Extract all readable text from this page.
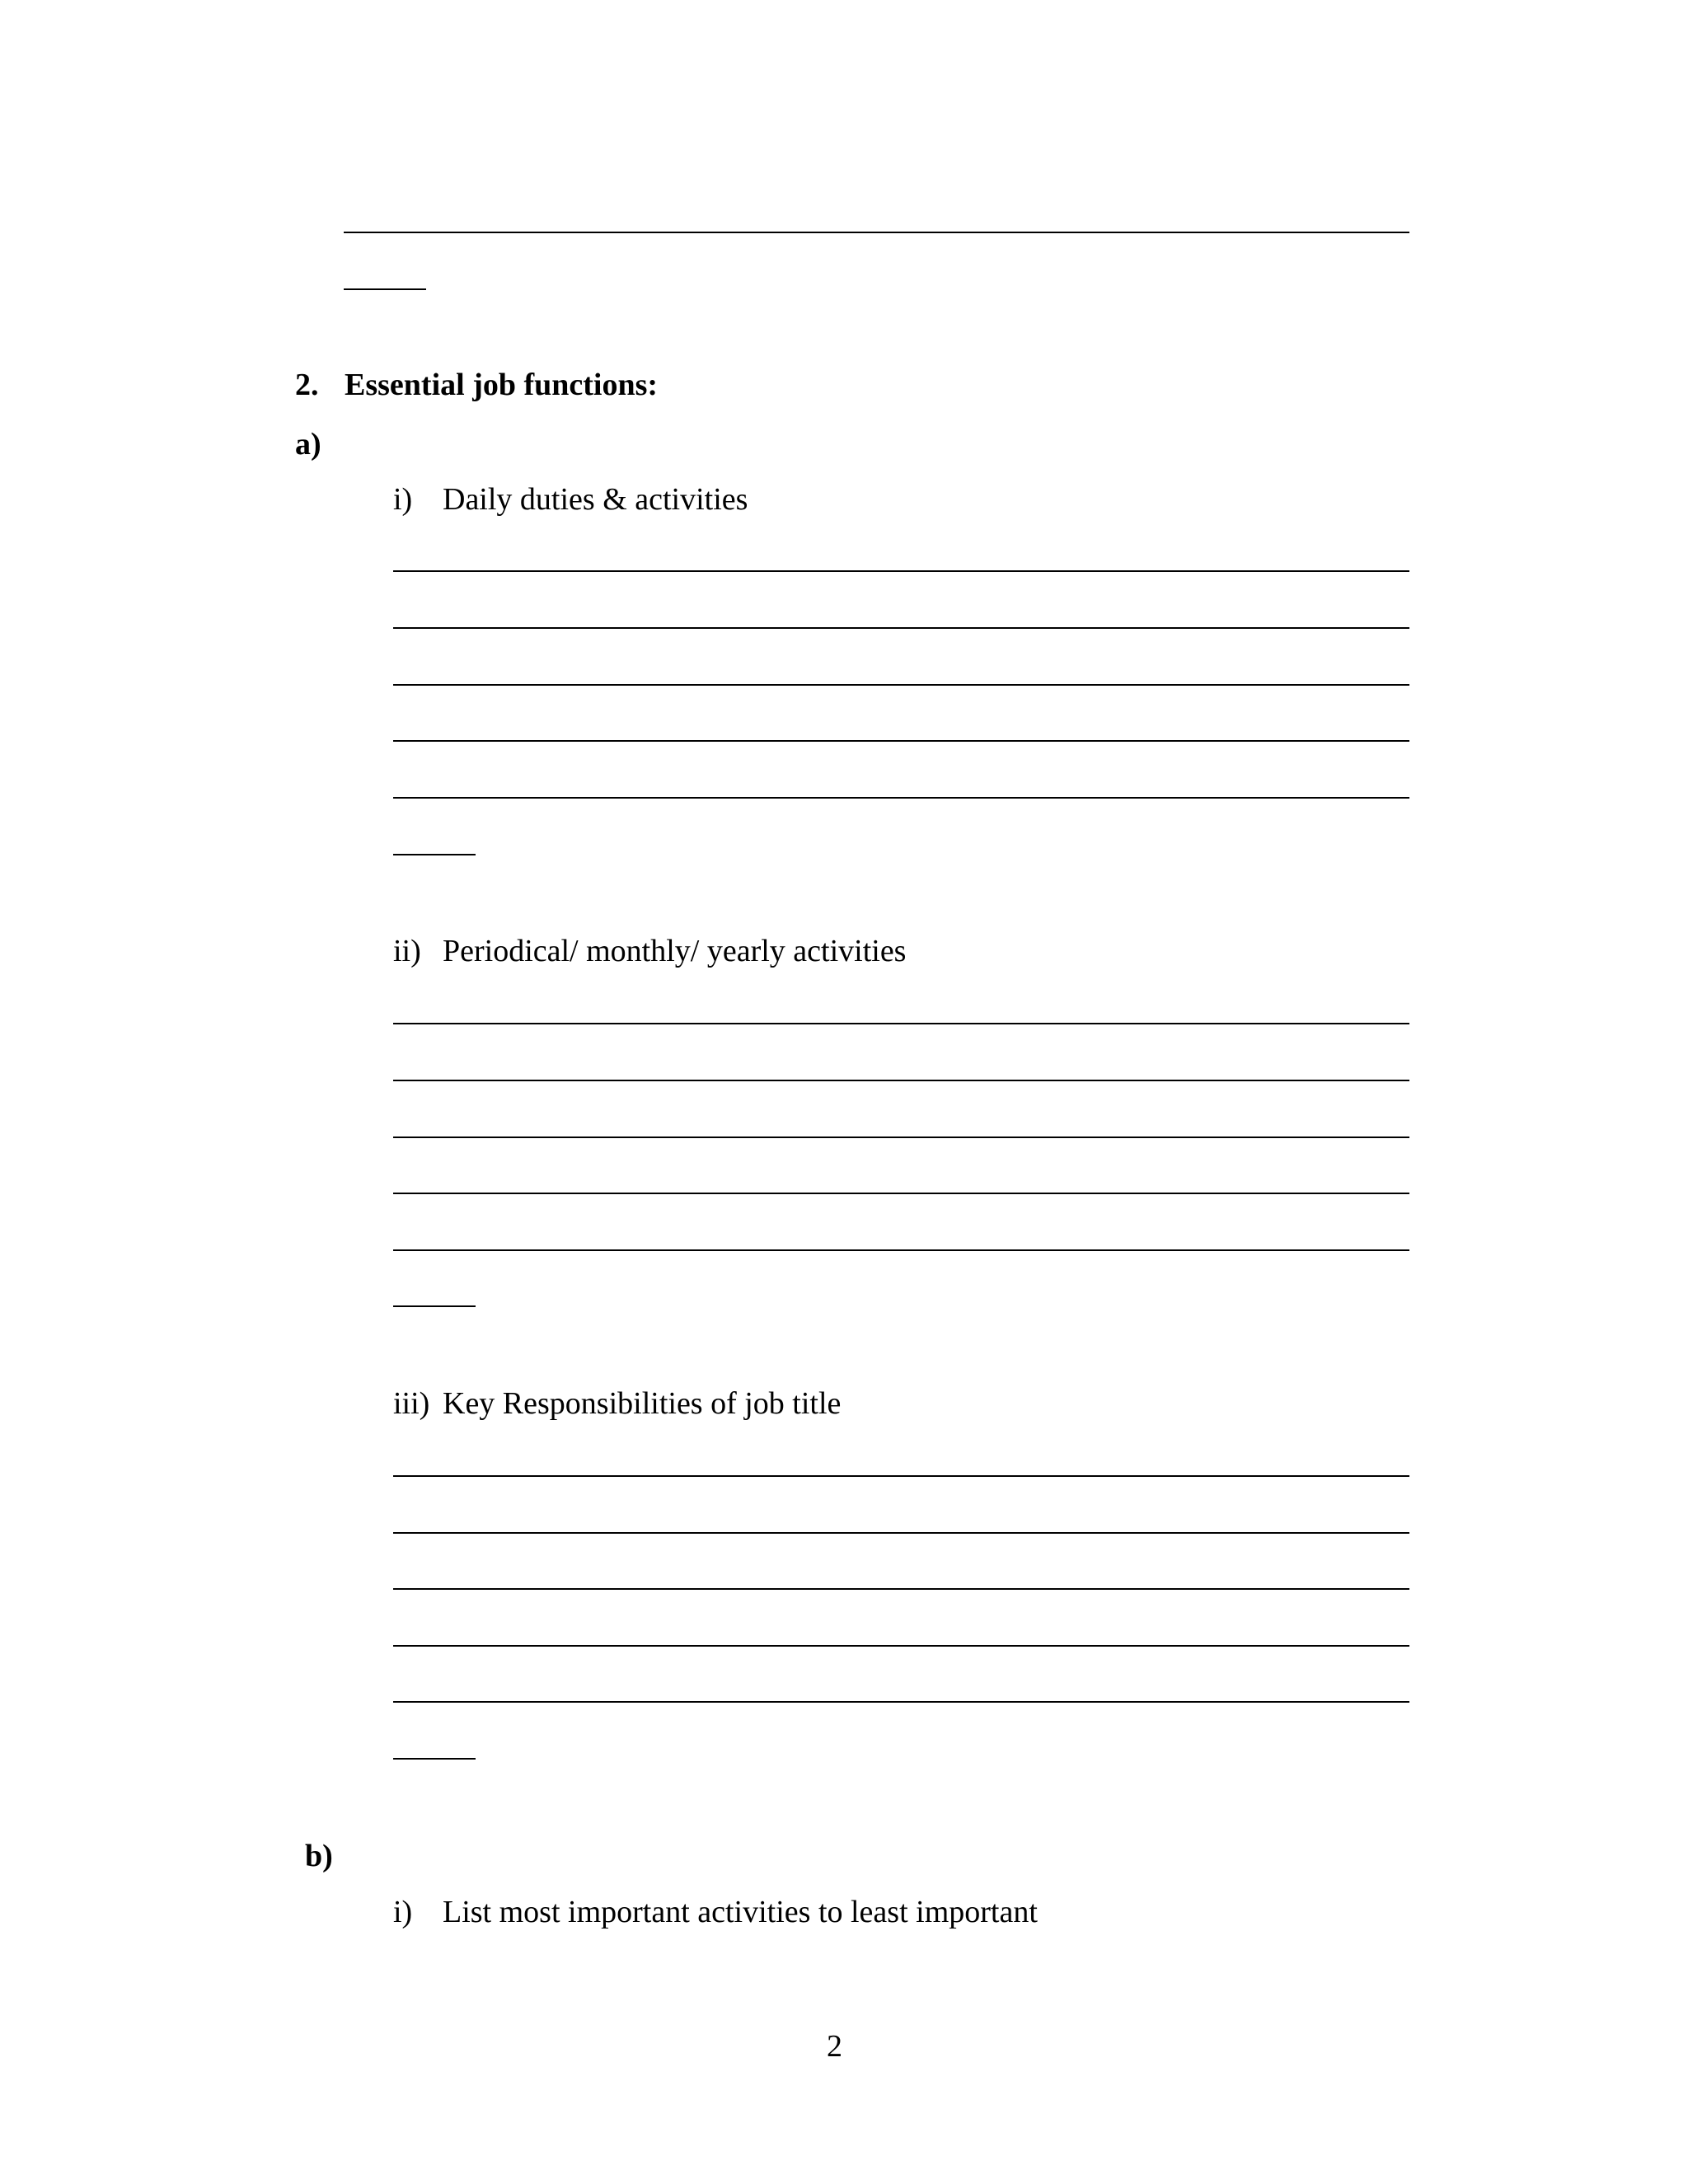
2. Essential job functions:
a)
i) Daily duties & activities
ii) Periodical/ monthly/ yearly activities
iii) Key Responsibilities of job title
b)
i) List most important activities to least important
2
